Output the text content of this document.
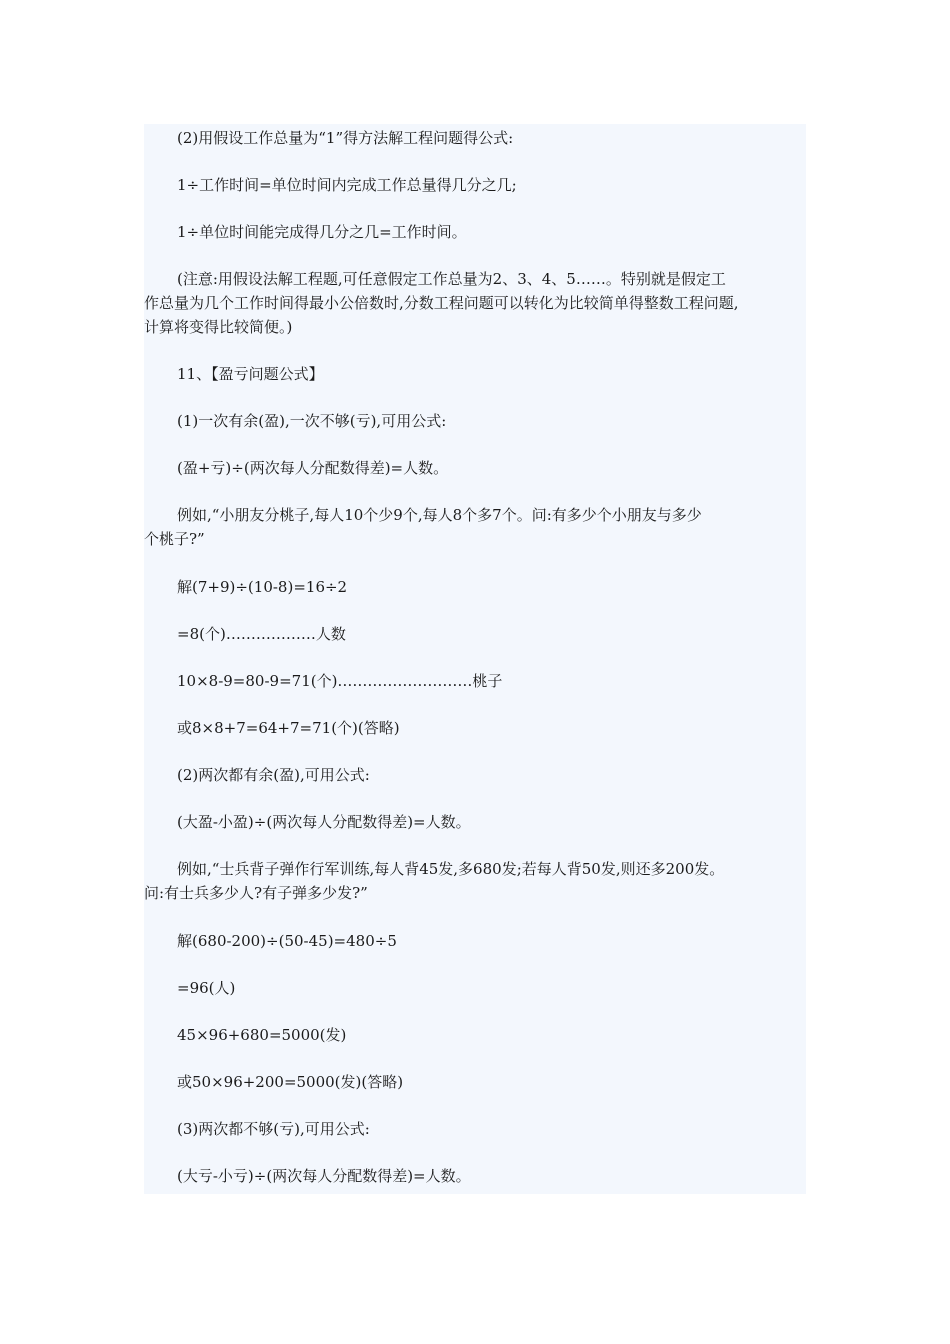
(2)用假设工作总量为“1”得方法解工程问题得公式:
1÷工作时间=单位时间内完成工作总量得几分之几;
1÷单位时间能完成得几分之几=工作时间。
(注意:用假设法解工程题,可任意假定工作总量为2、3、4、5……。特别就是假定工
作总量为几个工作时间得最小公倍数时,分数工程问题可以转化为比较简单得整数工程问题,
计算将变得比较简便。)
11、【盈亏问题公式】
(1)一次有余(盈),一次不够(亏),可用公式:
(盈+亏)÷(两次每人分配数得差)=人数。
例如,“小朋友分桃子,每人10个少9个,每人8个多7个。问:有多少个小朋友与多少
个桃子?”
解(7+9)÷(10-8)=16÷2
=8(个)………………人数
10×8-9=80-9=71(个)………………………桃子
或8×8+7=64+7=71(个)(答略)
(2)两次都有余(盈),可用公式:
(大盈-小盈)÷(两次每人分配数得差)=人数。
例如,“士兵背子弹作行军训练,每人背45发,多680发;若每人背50发,则还多200发。
问:有士兵多少人?有子弹多少发?”
解(680-200)÷(50-45)=480÷5
=96(人)
45×96+680=5000(发)
或50×96+200=5000(发)(答略)
(3)两次都不够(亏),可用公式:
(大亏-小亏)÷(两次每人分配数得差)=人数。
